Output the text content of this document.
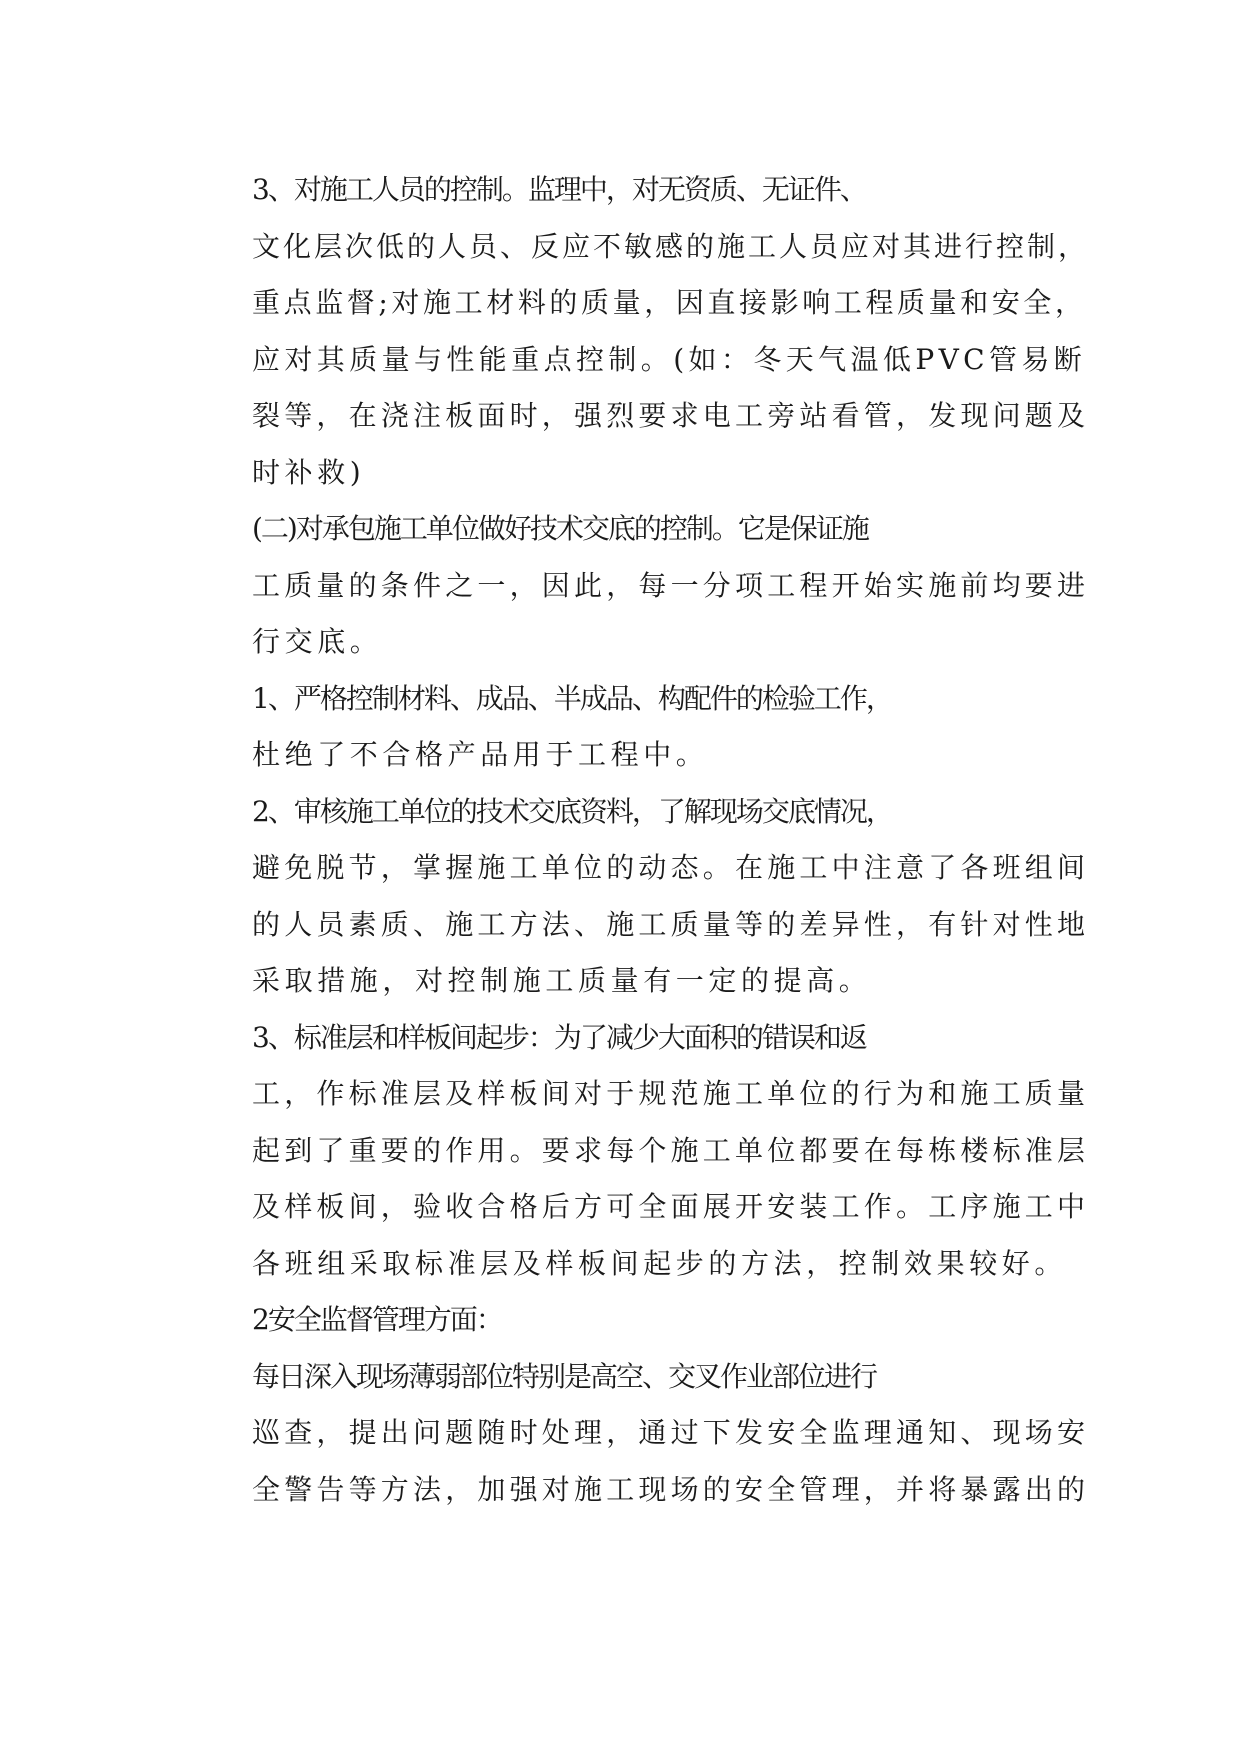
3、对施工人员的控制。监理中，对无资质、无证件、
文化层次低的人员、反应不敏感的施工人员应对其进行控制，
重点监督;对施工材料的质量，因直接影响工程质量和安全，
应对其质量与性能重点控制。(如：冬天气温低PVC管易断
裂等，在浇注板面时，强烈要求电工旁站看管，发现问题及
时补救)

(二)对承包施工单位做好技术交底的控制。它是保证施
工质量的条件之一，因此，每一分项工程开始实施前均要进
行交底。

1、严格控制材料、成品、半成品、构配件的检验工作，
杜绝了不合格产品用于工程中。

2、审核施工单位的技术交底资料，了解现场交底情况，
避免脱节，掌握施工单位的动态。在施工中注意了各班组间
的人员素质、施工方法、施工质量等的差异性，有针对性地
采取措施，对控制施工质量有一定的提高。

3、标准层和样板间起步：为了减少大面积的错误和返
工，作标准层及样板间对于规范施工单位的行为和施工质量
起到了重要的作用。要求每个施工单位都要在每栋楼标准层
及样板间，验收合格后方可全面展开安装工作。工序施工中
各班组采取标准层及样板间起步的方法，控制效果较好。

2安全监督管理方面：

每日深入现场薄弱部位特别是高空、交叉作业部位进行
巡查，提出问题随时处理，通过下发安全监理通知、现场安
全警告等方法，加强对施工现场的安全管理，并将暴露出的
